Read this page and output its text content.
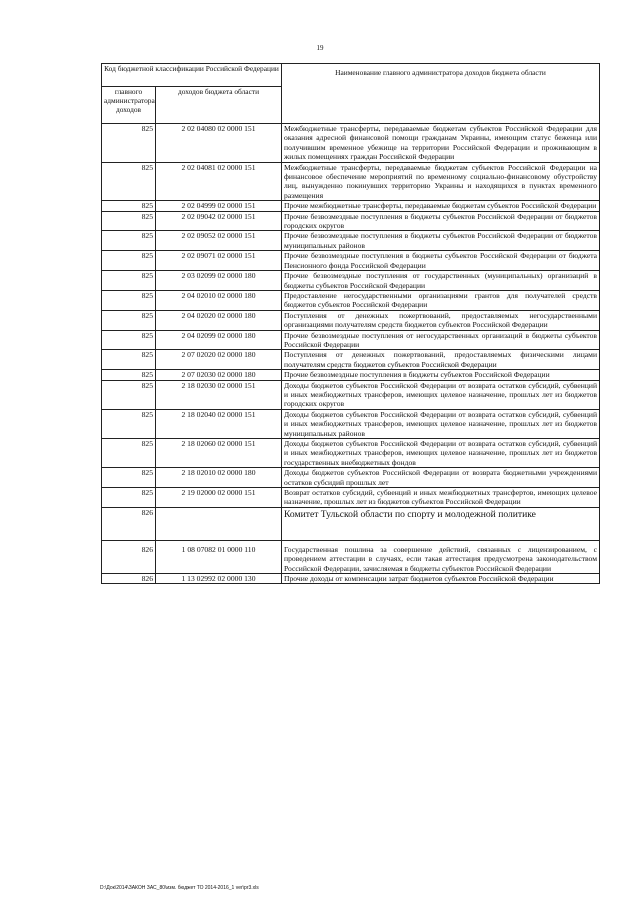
19
Код бюджетной классификации Российской Федерации		Наименование главного администратора доходов бюджета области
главного администратора доходов	доходов бюджета области	
825	2 02 04080 02 0000 151	Межбюджетные трансферты, передаваемые бюджетам субъектов Российской Федерации для оказания адресной финансовой помощи гражданам Украины, имеющим статус беженца или получившим временное убежище на территории Российской Федерации и проживающим в жилых помещениях граждан Российской Федерации
825	2 02 04081 02 0000 151	Межбюджетные трансферты, передаваемые бюджетам субъектов Российской Федерации на финансовое обеспечение мероприятий по временному социально-финансовому обустройству лиц, вынужденно покинувших территорию Украины и находящихся в пунктах временного размещения
825	2 02 04999 02 0000 151	Прочие межбюджетные трансферты, передаваемые бюджетам субъектов Российской Федерации
825	2 02 09042 02 0000 151	Прочие безвозмездные поступления в бюджеты субъектов Российской Федерации от бюджетов городских округов
825	2 02 09052 02 0000 151	Прочие безвозмездные поступления в бюджеты субъектов Российской Федерации от бюджетов муниципальных районов
825	2 02 09071 02 0000 151	Прочие безвозмездные поступления в бюджеты субъектов Российской Федерации от бюджета Пенсионного фонда Российской Федерации
825	2 03 02099 02 0000 180	Прочие безвозмездные поступления от государственных (муниципальных) организаций в бюджеты субъектов Российской Федерации
825	2 04 02010 02 0000 180	Предоставление негосударственными организациями грантов для получателей средств бюджетов субъектов Российской Федерации
825	2 04 02020 02 0000 180	Поступления от денежных пожертвований, предоставляемых негосударственными организациями получателям средств бюджетов субъектов Российской Федерации
825	2 04 02099 02 0000 180	Прочие безвозмездные поступления от негосударственных организаций в бюджеты субъектов Российской Федерации
825	2 07 02020 02 0000 180	Поступления от денежных пожертвований, предоставляемых физическими лицами получателям средств бюджетов субъектов Российской Федерации
825	2 07 02030 02 0000 180	Прочие безвозмездные поступления в бюджеты субъектов Российской Федерации
825	2 18 02030 02 0000 151	Доходы бюджетов субъектов Российской Федерации от возврата остатков субсидий, субвенций и иных межбюджетных трансферов, имеющих целевое назначение, прошлых лет из бюджетов городских округов
825	2 18 02040 02 0000 151	Доходы бюджетов субъектов Российской Федерации от возврата остатков субсидий, субвенций и иных межбюджетных трансферов, имеющих целевое назначение, прошлых лет из бюджетов муниципальных районов
825	2 18 02060 02 0000 151	Доходы бюджетов субъектов Российской Федерации от возврата остатков субсидий, субвенций и иных межбюджетных трансферов, имеющих целевое назначение, прошлых лет из бюджетов государственных внебюджетных фондов
825	2 18 02010 02 0000 180	Доходы бюджетов субъектов Российской Федерации от возврата бюджетными учреждениями остатков субсидий прошлых лет
825	2 19 02000 02 0000 151	Возврат остатков субсидий, субвенций и иных межбюджетных трансфертов, имеющих целевое назначение, прошлых лет из бюджетов субъектов Российской Федерации
826		Комитет Тульской области по спорту и молодежной политике
826	1 08 07082 01 0000 110	Государственная пошлина за совершение действий, связанных с лицензированием, с проведением аттестации в случаях, если такая аттестация предусмотрена законодательством Российской Федерации, зачисляемая в бюджеты субъектов Российской Федерации
826	1 13 02992 02 0000 130	Прочие доходы от компенсации затрат бюджетов субъектов Российской Федерации
D:\Док\2014\ЗАКОН ЗАС_80\изм. бюджет ТО 2014-2016_1 ver\pr3.xls
